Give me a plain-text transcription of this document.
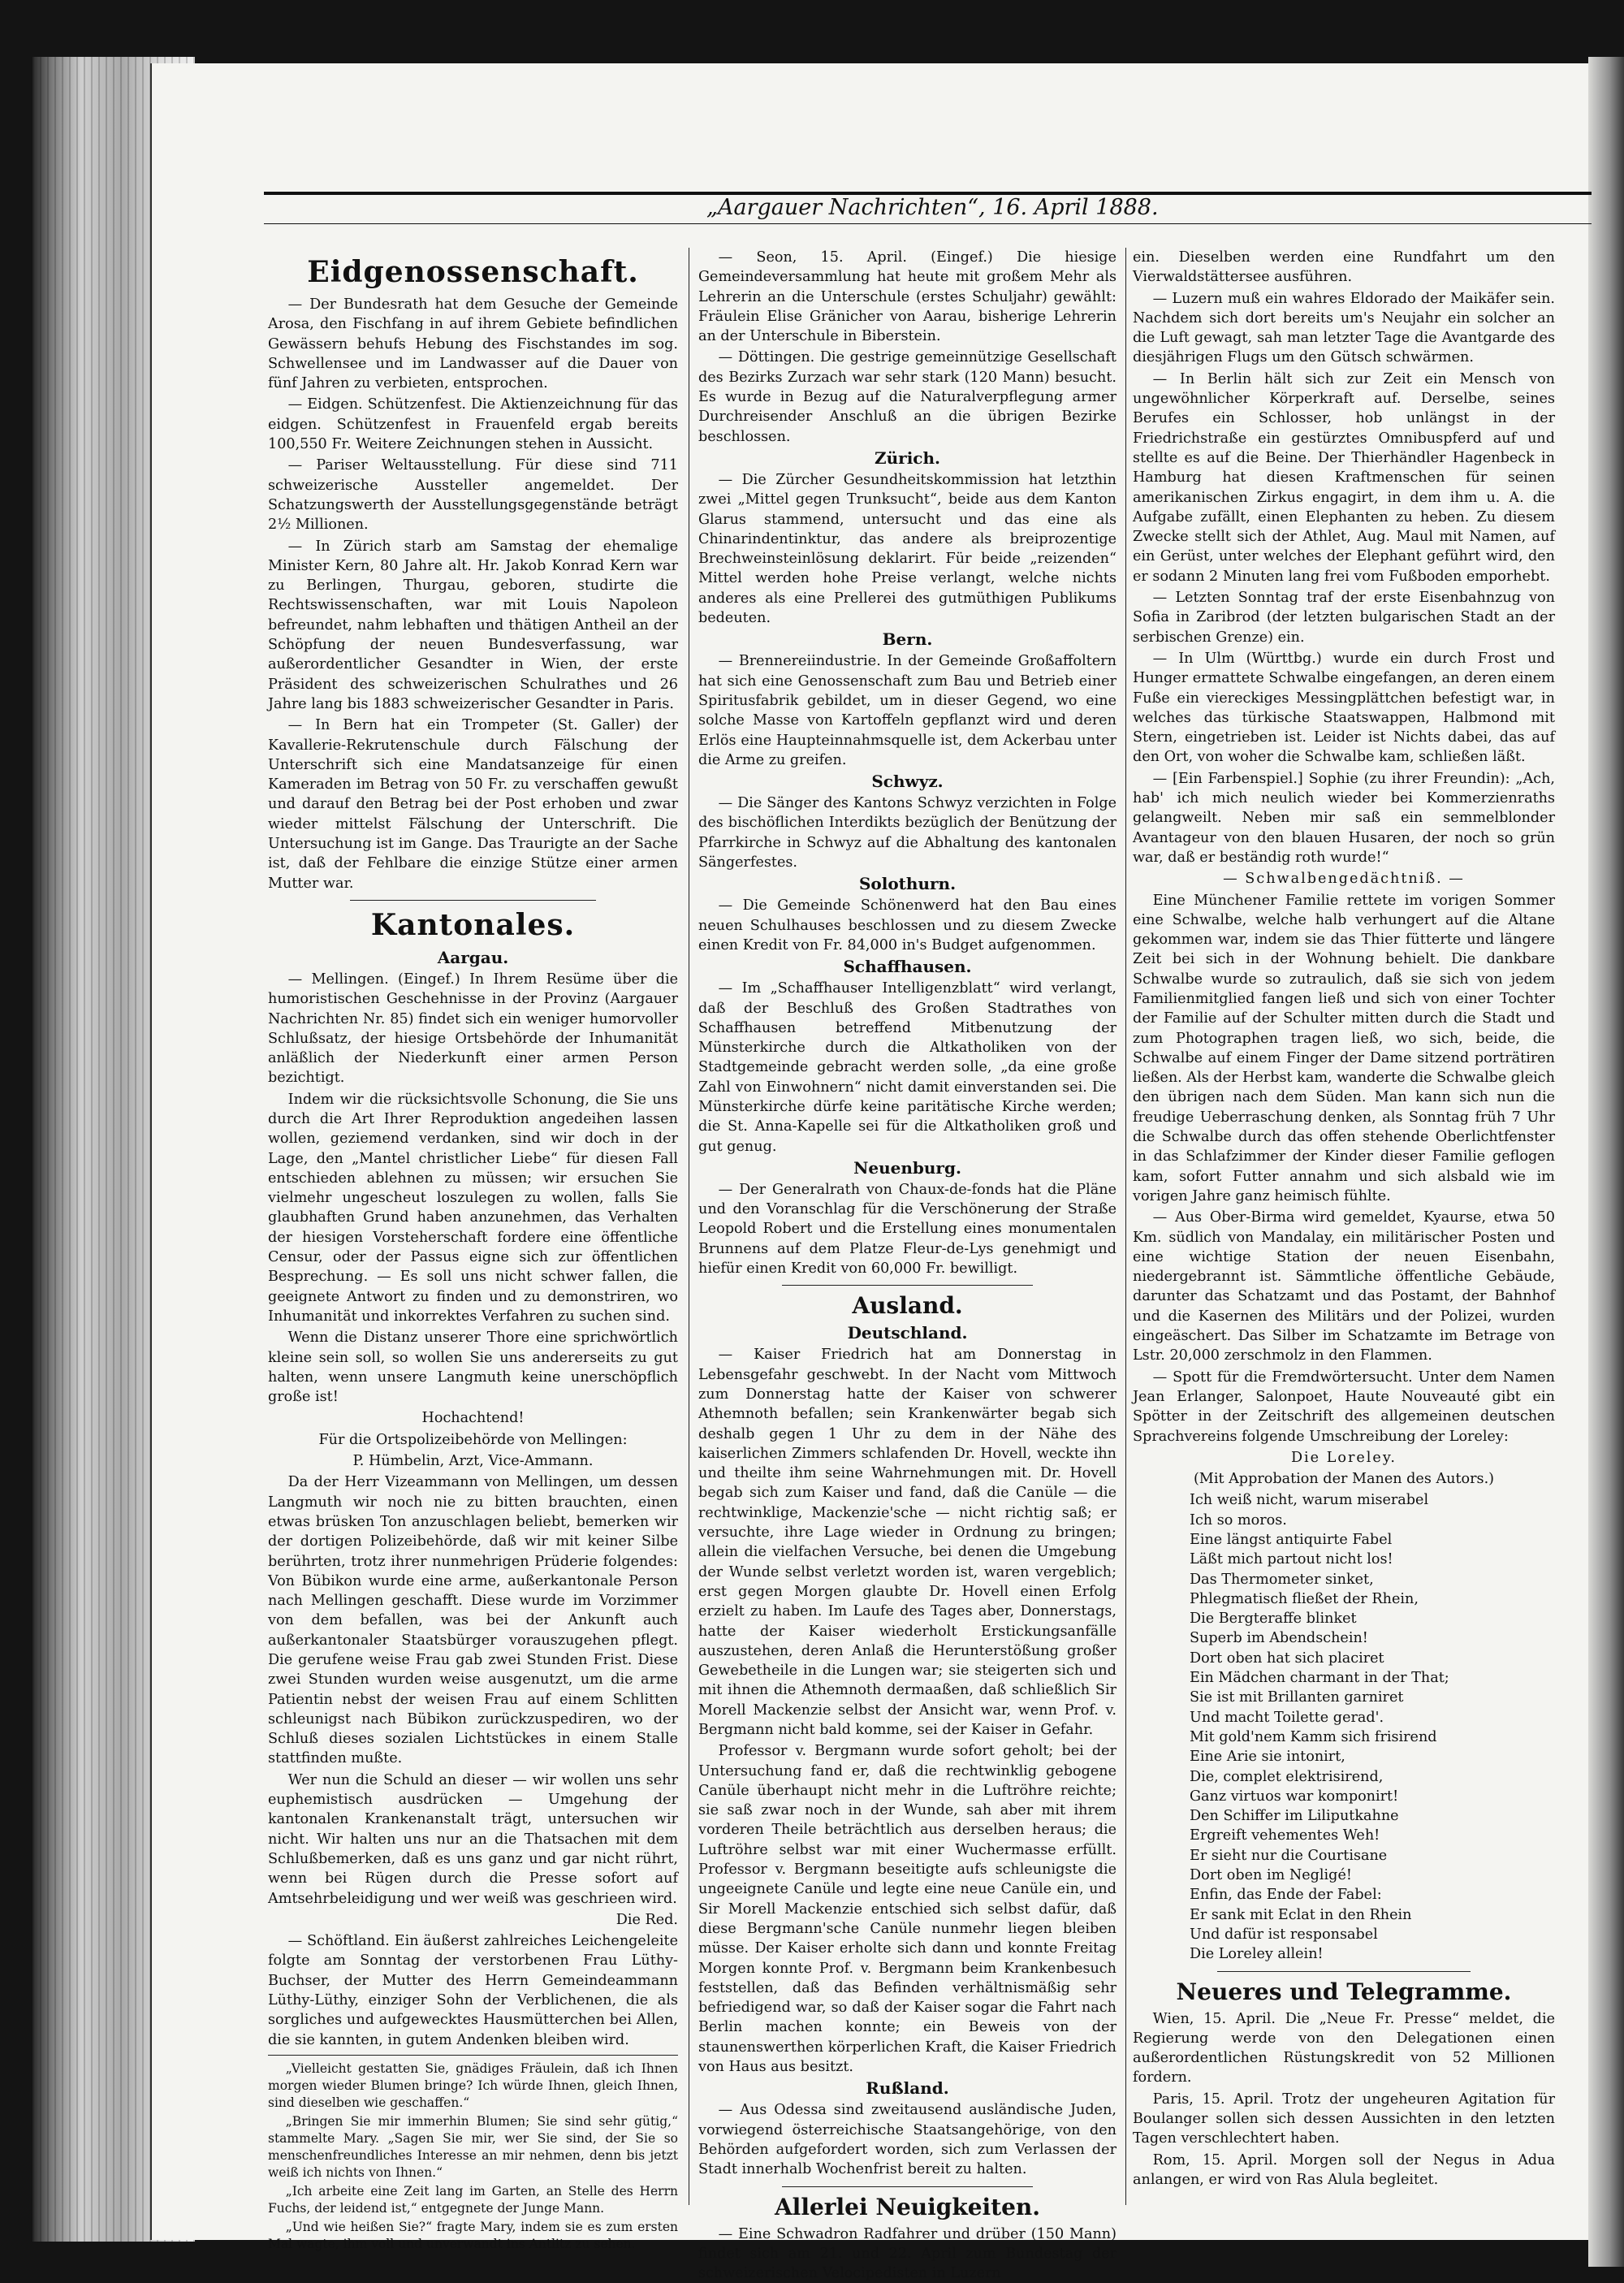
„Aargauer Nachrichten“, 16. April 1888.
Eidgenossenschaft.

— Der Bundesrath hat dem Gesuche der Gemeinde Arosa, den Fischfang in auf ihrem Gebiete befindlichen Gewässern behufs Hebung des Fischstandes im sog. Schwellensee und im Landwasser auf die Dauer von fünf Jahren zu verbieten, entsprochen.

— Eidgen. Schützenfest. Die Aktienzeichnung für das eidgen. Schützenfest in Frauenfeld ergab bereits 100,550 Fr. Weitere Zeichnungen stehen in Aussicht.

— Pariser Weltausstellung. Für diese sind 711 schweizerische Aussteller angemeldet. Der Schatzungswerth der Ausstellungsgegenstände beträgt 2½ Millionen.

— In Zürich starb am Samstag der ehemalige Minister Kern, 80 Jahre alt. Hr. Jakob Konrad Kern war zu Berlingen, Thurgau, geboren, studirte die Rechtswissenschaften, war mit Louis Napoleon befreundet, nahm lebhaften und thätigen Antheil an der Schöpfung der neuen Bundesverfassung, war außerordentlicher Gesandter in Wien, der erste Präsident des schweizerischen Schulrathes und 26 Jahre lang bis 1883 schweizerischer Gesandter in Paris.

— In Bern hat ein Trompeter (St. Galler) der Kavallerie-Rekrutenschule durch Fälschung der Unterschrift sich eine Mandatsanzeige für einen Kameraden im Betrag von 50 Fr. zu verschaffen gewußt und darauf den Betrag bei der Post erhoben und zwar wieder mittelst Fälschung der Unterschrift. Die Untersuchung ist im Gange. Das Traurigte an der Sache ist, daß der Fehlbare die einzige Stütze einer armen Mutter war.

Kantonales.
Aargau.

— Mellingen. (Eingef.) In Ihrem Resüme über die humoristischen Geschehnisse in der Provinz (Aargauer Nachrichten Nr. 85) findet sich ein weniger humorvoller Schlußsatz, der hiesige Ortsbehörde der Inhumanität anläßlich der Niederkunft einer armen Person bezichtigt.

Indem wir die rücksichtsvolle Schonung, die Sie uns durch die Art Ihrer Reproduktion angedeihen lassen wollen, geziemend verdanken, sind wir doch in der Lage, den „Mantel christlicher Liebe“ für diesen Fall entschieden ablehnen zu müssen; wir ersuchen Sie vielmehr ungescheut loszulegen zu wollen, falls Sie glaubhaften Grund haben anzunehmen, das Verhalten der hiesigen Vorsteherschaft fordere eine öffentliche Censur, oder der Passus eigne sich zur öffentlichen Besprechung. — Es soll uns nicht schwer fallen, die geeignete Antwort zu finden und zu demonstriren, wo Inhumanität und inkorrektes Verfahren zu suchen sind.

Wenn die Distanz unserer Thore eine sprichwörtlich kleine sein soll, so wollen Sie uns andererseits zu gut halten, wenn unsere Langmuth keine unerschöpflich große ist!

Hochachtend!

Für die Ortspolizeibehörde von Mellingen:

P. Hümbelin, Arzt, Vice-Ammann.

Da der Herr Vizeammann von Mellingen, um dessen Langmuth wir noch nie zu bitten brauchten, einen etwas brüsken Ton anzuschlagen beliebt, bemerken wir der dortigen Polizeibehörde, daß wir mit keiner Silbe berührten, trotz ihrer nunmehrigen Prüderie folgendes: Von Bübikon wurde eine arme, außerkantonale Person nach Mellingen geschafft. Diese wurde im Vorzimmer von dem befallen, was bei der Ankunft auch außerkantonaler Staatsbürger vorauszugehen pflegt. Die gerufene weise Frau gab zwei Stunden Frist. Diese zwei Stunden wurden weise ausgenutzt, um die arme Patientin nebst der weisen Frau auf einem Schlitten schleunigst nach Bübikon zurückzuspediren, wo der Schluß dieses sozialen Lichtstückes in einem Stalle stattfinden mußte.

Wer nun die Schuld an dieser — wir wollen uns sehr euphemistisch ausdrücken — Umgehung der kantonalen Krankenanstalt trägt, untersuchen wir nicht. Wir halten uns nur an die Thatsachen mit dem Schlußbemerken, daß es uns ganz und gar nicht rührt, wenn bei Rügen durch die Presse sofort auf Amtsehrbeleidigung und wer weiß was geschrieen wird.

Die Red.

— Schöftland. Ein äußerst zahlreiches Leichengeleite folgte am Sonntag der verstorbenen Frau Lüthy-Buchser, der Mutter des Herrn Gemeindeammann Lüthy-Lüthy, einziger Sohn der Verblichenen, die als sorgliches und aufgewecktes Hausmütterchen bei Allen, die sie kannten, in gutem Andenken bleiben wird.

„Vielleicht gestatten Sie, gnädiges Fräulein, daß ich Ihnen morgen wieder Blumen bringe? Ich würde Ihnen, gleich Ihnen, sind dieselben wie geschaffen.“

„Bringen Sie mir immerhin Blumen; Sie sind sehr gütig,“ stammelte Mary. „Sagen Sie mir, wer Sie sind, der Sie so menschenfreundliches Interesse an mir nehmen, denn bis jetzt weiß ich nichts von Ihnen.“

„Ich arbeite eine Zeit lang im Garten, an Stelle des Herrn Fuchs, der leidend ist,“ entgegnete der Junge Mann.

„Und wie heißen Sie?“ fragte Mary, indem sie es zum ersten Mal wagte, ihm voll und unverwandt ins Antlitz zu sehen.

— Seon, 15. April. (Eingef.) Die hiesige Gemeindeversammlung hat heute mit großem Mehr als Lehrerin an die Unterschule (erstes Schuljahr) gewählt: Fräulein Elise Gränicher von Aarau, bisherige Lehrerin an der Unterschule in Biberstein.

— Döttingen. Die gestrige gemeinnützige Gesellschaft des Bezirks Zurzach war sehr stark (120 Mann) besucht. Es wurde in Bezug auf die Naturalverpflegung armer Durchreisender Anschluß an die übrigen Bezirke beschlossen.

Zürich.

— Die Zürcher Gesundheitskommission hat letzthin zwei „Mittel gegen Trunksucht“, beide aus dem Kanton Glarus stammend, untersucht und das eine als Chinarindentinktur, das andere als breiprozentige Brechweinsteinlösung deklarirt. Für beide „reizenden“ Mittel werden hohe Preise verlangt, welche nichts anderes als eine Prellerei des gutmüthigen Publikums bedeuten.

Bern.

— Brennereiindustrie. In der Gemeinde Großaffoltern hat sich eine Genossenschaft zum Bau und Betrieb einer Spiritusfabrik gebildet, um in dieser Gegend, wo eine solche Masse von Kartoffeln gepflanzt wird und deren Erlös eine Haupteinnahmsquelle ist, dem Ackerbau unter die Arme zu greifen.

Schwyz.

— Die Sänger des Kantons Schwyz verzichten in Folge des bischöflichen Interdikts bezüglich der Benützung der Pfarrkirche in Schwyz auf die Abhaltung des kantonalen Sängerfestes.

Solothurn.

— Die Gemeinde Schönenwerd hat den Bau eines neuen Schulhauses beschlossen und zu diesem Zwecke einen Kredit von Fr. 84,000 in's Budget aufgenommen.

Schaffhausen.

— Im „Schaffhauser Intelligenzblatt“ wird verlangt, daß der Beschluß des Großen Stadtrathes von Schaffhausen betreffend Mitbenutzung der Münsterkirche durch die Altkatholiken von der Stadtgemeinde gebracht werden solle, „da eine große Zahl von Einwohnern“ nicht damit einverstanden sei. Die Münsterkirche dürfe keine paritätische Kirche werden; die St. Anna-Kapelle sei für die Altkatholiken groß und gut genug.

Neuenburg.

— Der Generalrath von Chaux-de-fonds hat die Pläne und den Voranschlag für die Verschönerung der Straße Leopold Robert und die Erstellung eines monumentalen Brunnens auf dem Platze Fleur-de-Lys genehmigt und hiefür einen Kredit von 60,000 Fr. bewilligt.

Ausland.
Deutschland.

— Kaiser Friedrich hat am Donnerstag in Lebensgefahr geschwebt. In der Nacht vom Mittwoch zum Donnerstag hatte der Kaiser von schwerer Athemnoth befallen; sein Krankenwärter begab sich deshalb gegen 1 Uhr zu dem in der Nähe des kaiserlichen Zimmers schlafenden Dr. Hovell, weckte ihn und theilte ihm seine Wahrnehmungen mit. Dr. Hovell begab sich zum Kaiser und fand, daß die Canüle — die rechtwinklige, Mackenzie'sche — nicht richtig saß; er versuchte, ihre Lage wieder in Ordnung zu bringen; allein die vielfachen Versuche, bei denen die Umgebung der Wunde selbst verletzt worden ist, waren vergeblich; erst gegen Morgen glaubte Dr. Hovell einen Erfolg erzielt zu haben. Im Laufe des Tages aber, Donnerstags, hatte der Kaiser wiederholt Erstickungsanfälle auszustehen, deren Anlaß die Herunterstößung großer Gewebetheile in die Lungen war; sie steigerten sich und mit ihnen die Athemnoth dermaaßen, daß schließlich Sir Morell Mackenzie selbst der Ansicht war, wenn Prof. v. Bergmann nicht bald komme, sei der Kaiser in Gefahr.

Professor v. Bergmann wurde sofort geholt; bei der Untersuchung fand er, daß die rechtwinklig gebogene Canüle überhaupt nicht mehr in die Luftröhre reichte; sie saß zwar noch in der Wunde, sah aber mit ihrem vorderen Theile beträchtlich aus derselben heraus; die Luftröhre selbst war mit einer Wuchermasse erfüllt. Professor v. Bergmann beseitigte aufs schleunigste die ungeeignete Canüle und legte eine neue Canüle ein, und Sir Morell Mackenzie entschied sich selbst dafür, daß diese Bergmann'sche Canüle nunmehr liegen bleiben müsse. Der Kaiser erholte sich dann und konnte Freitag Morgen konnte Prof. v. Bergmann beim Krankenbesuch feststellen, daß das Befinden verhältnismäßig sehr befriedigend war, so daß der Kaiser sogar die Fahrt nach Berlin machen konnte; ein Beweis von der staunenswerthen körperlichen Kraft, die Kaiser Friedrich von Haus aus besitzt.

Rußland.

— Aus Odessa sind zweitausend ausländische Juden, vorwiegend österreichische Staatsangehörige, von den Behörden aufgefordert worden, sich zum Verlassen der Stadt innerhalb Wochenfrist bereit zu halten.

Allerlei Neuigkeiten.

— Eine Schwadron Radfahrer und drüber (150 Mann) findet sich am 21. und 22. April zum Bundestag der schweizerischen Velocipedisten in Luzern

ein. Dieselben werden eine Rundfahrt um den Vierwaldstättersee ausführen.

— Luzern muß ein wahres Eldorado der Maikäfer sein. Nachdem sich dort bereits um's Neujahr ein solcher an die Luft gewagt, sah man letzter Tage die Avantgarde des diesjährigen Flugs um den Gütsch schwärmen.

— In Berlin hält sich zur Zeit ein Mensch von ungewöhnlicher Körperkraft auf. Derselbe, seines Berufes ein Schlosser, hob unlängst in der Friedrichstraße ein gestürztes Omnibuspferd auf und stellte es auf die Beine. Der Thierhändler Hagenbeck in Hamburg hat diesen Kraftmenschen für seinen amerikanischen Zirkus engagirt, in dem ihm u. A. die Aufgabe zufällt, einen Elephanten zu heben. Zu diesem Zwecke stellt sich der Athlet, Aug. Maul mit Namen, auf ein Gerüst, unter welches der Elephant geführt wird, den er sodann 2 Minuten lang frei vom Fußboden emporhebt.

— Letzten Sonntag traf der erste Eisenbahnzug von Sofia in Zaribrod (der letzten bulgarischen Stadt an der serbischen Grenze) ein.

— In Ulm (Württbg.) wurde ein durch Frost und Hunger ermattete Schwalbe eingefangen, an deren einem Fuße ein viereckiges Messingplättchen befestigt war, in welches das türkische Staatswappen, Halbmond mit Stern, eingetrieben ist. Leider ist Nichts dabei, das auf den Ort, von woher die Schwalbe kam, schließen läßt.

— [Ein Farbenspiel.] Sophie (zu ihrer Freundin): „Ach, hab' ich mich neulich wieder bei Kommerzienraths gelangweilt. Neben mir saß ein semmelblonder Avantageur von den blauen Husaren, der noch so grün war, daß er beständig roth wurde!“

— Schwalbengedächtniß. —

Eine Münchener Familie rettete im vorigen Sommer eine Schwalbe, welche halb verhungert auf die Altane gekommen war, indem sie das Thier fütterte und längere Zeit bei sich in der Wohnung behielt. Die dankbare Schwalbe wurde so zutraulich, daß sie sich von jedem Familienmitglied fangen ließ und sich von einer Tochter der Familie auf der Schulter mitten durch die Stadt und zum Photographen tragen ließ, wo sich, beide, die Schwalbe auf einem Finger der Dame sitzend porträtiren ließen. Als der Herbst kam, wanderte die Schwalbe gleich den übrigen nach dem Süden. Man kann sich nun die freudige Ueberraschung denken, als Sonntag früh 7 Uhr die Schwalbe durch das offen stehende Oberlichtfenster in das Schlafzimmer der Kinder dieser Familie geflogen kam, sofort Futter annahm und sich alsbald wie im vorigen Jahre ganz heimisch fühlte.

— Aus Ober-Birma wird gemeldet, Kyaurse, etwa 50 Km. südlich von Mandalay, ein militärischer Posten und eine wichtige Station der neuen Eisenbahn, niedergebrannt ist. Sämmtliche öffentliche Gebäude, darunter das Schatzamt und das Postamt, der Bahnhof und die Kasernen des Militärs und der Polizei, wurden eingeäschert. Das Silber im Schatzamte im Betrage von Lstr. 20,000 zerschmolz in den Flammen.

— Spott für die Fremdwörtersucht. Unter dem Namen Jean Erlanger, Salonpoet, Haute Nouveauté gibt ein Spötter in der Zeitschrift des allgemeinen deutschen Sprachvereins folgende Umschreibung der Loreley:

Die Loreley.

(Mit Approbation der Manen des Autors.)

Ich weiß nicht, warum miserabel
Ich so moros.
Eine längst antiquirte Fabel
Läßt mich partout nicht los!
Das Thermometer sinket,
Phlegmatisch fließet der Rhein,
Die Bergteraffe blinket
Superb im Abendschein!
Dort oben hat sich placiret
Ein Mädchen charmant in der That;
Sie ist mit Brillanten garniret
Und macht Toilette gerad'.
Mit gold'nem Kamm sich frisirend
Eine Arie sie intonirt,
Die, complet elektrisirend,
Ganz virtuos war komponirt!
Den Schiffer im Liliputkahne
Ergreift vehementes Weh!
Er sieht nur die Courtisane
Dort oben im Negligé!
Enfin, das Ende der Fabel:
Er sank mit Eclat in den Rhein
Und dafür ist responsabel
Die Loreley allein!
Neueres und Telegramme.

Wien, 15. April. Die „Neue Fr. Presse“ meldet, die Regierung werde von den Delegationen einen außerordentlichen Rüstungskredit von 52 Millionen fordern.

Paris, 15. April. Trotz der ungeheuren Agitation für Boulanger sollen sich dessen Aussichten in den letzten Tagen verschlechtert haben.

Rom, 15. April. Morgen soll der Negus in Adua anlangen, er wird von Ras Alula begleitet.
